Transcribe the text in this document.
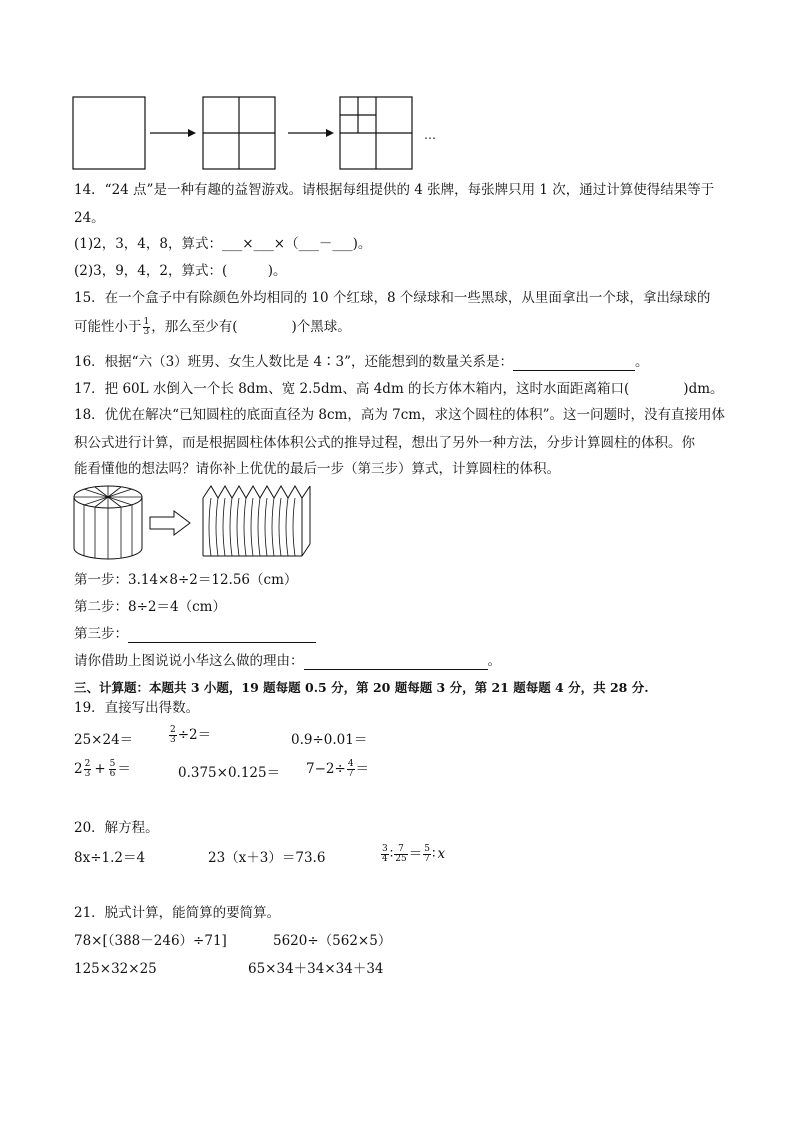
…
14．“24 点”是一种有趣的益智游戏。请根据每组提供的 4 张牌，每张牌只用 1 次，通过计算使得结果等于
24。
(1)2，3，4，8，算式：___×___×（___－___)。
(2)3，9，4，2，算式：(　　　)。
15．在一个盒子中有除颜色外均相同的 10 个红球，8 个绿球和一些黑球，从里面拿出一个球，拿出绿球的
可能性小于 $\frac{1}{3}$ ，那么至少有(　　　　)个黑球。
16．根据“六（3）班男、女生人数比是 4∶3”，还能想到的数量关系是：	。
17．把 60L 水倒入一个长 8dm、宽 2.5dm、高 4dm 的长方体木箱内，这时水面距离箱口(　　　　)dm。
18．优优在解决“已知圆柱的底面直径为 8cm，高为 7cm，求这个圆柱的体积”。这一问题时，没有直接用体
积公式进行计算，而是根据圆柱体体积公式的推导过程，想出了另外一种方法，分步计算圆柱的体积。你
能看懂他的想法吗？请你补上优优的最后一步（第三步）算式，计算圆柱的体积。
第一步：3.14×8÷2＝12.56（cm）
第二步：8÷2＝4（cm）
第三步：
请你借助上图说说小华这么做的理由：	。
三、计算题：本题共 3 小题，19 题每题 0.5 分，第 20 题每题 3 分，第 21 题每题 4 分，共 28 分.
19．直接写出得数。
25×24＝	$\frac{2}{3} \div 2=$	0.9÷0.01＝
$2 \frac{2}{3} + \frac{5}{6}$ ＝	$0.375\times 0.125= 7-2\div \frac{4}{7}$ ＝
20．解方程。
8x÷1.2＝4	23（x＋3）＝73.6	$\frac{3}{4}$ ∶ $\frac{7}{25} = \frac{5}{7}$ ∶ x
21．脱式计算，能简算的要简算。
78×[（388－246）÷71]	5620÷（562×5）
125×32×25	65×34＋34×34＋34
